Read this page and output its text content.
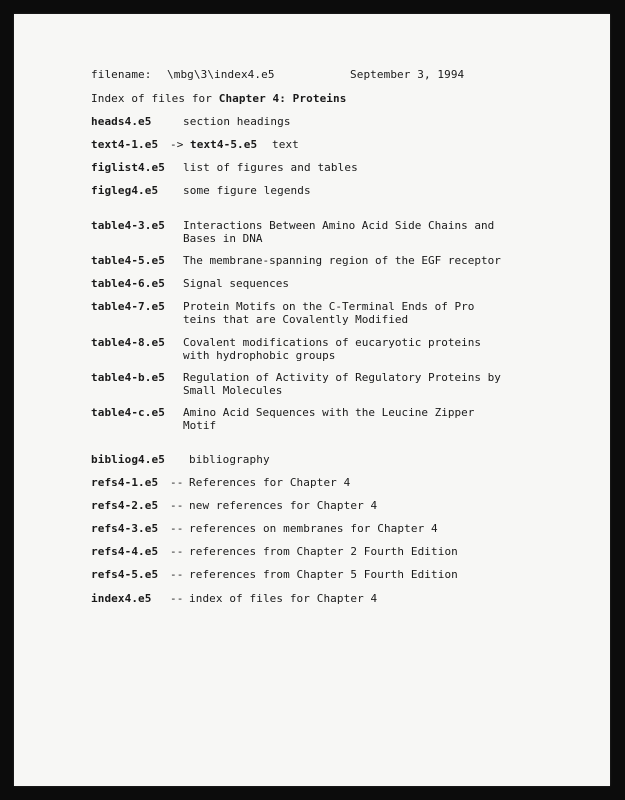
filename: \mbg\3\index4.e5	September 3, 1994
Index of files for Chapter 4: Proteins
heads4.e5	section headings
text4-1.e5 -> text4-5.e5 text
figlist4.e5 list of figures and tables
figleg4.e5 some figure legends
table4-3.e5 Interactions Between Amino Acid Side Chains and
Bases in DNA
table4-5.e5 The membrane-spanning region of the EGF receptor
table4-6.e5 Signal sequences
table4-7.e5 Protein Motifs on the C-Terminal Ends of Pro
teins that are Covalently Modified
table4-8.e5 Covalent modifications of eucaryotic proteins
with hydrophobic groups
table4-b.e5 Regulation of Activity of Regulatory Proteins by
Small Molecules
table4-c.e5 Amino Acid Sequences with the Leucine Zipper
Motif
bibliog4.e5 bibliography
refs4-1.e5 -- References for Chapter 4
refs4-2.e5 -- new references for Chapter 4
refs4-3.e5 -- references on membranes for Chapter 4
refs4-4.e5 -- references from Chapter 2 Fourth Edition
refs4-5.e5 -- references from Chapter 5 Fourth Edition
index4.e5 -- index of files for Chapter 4
